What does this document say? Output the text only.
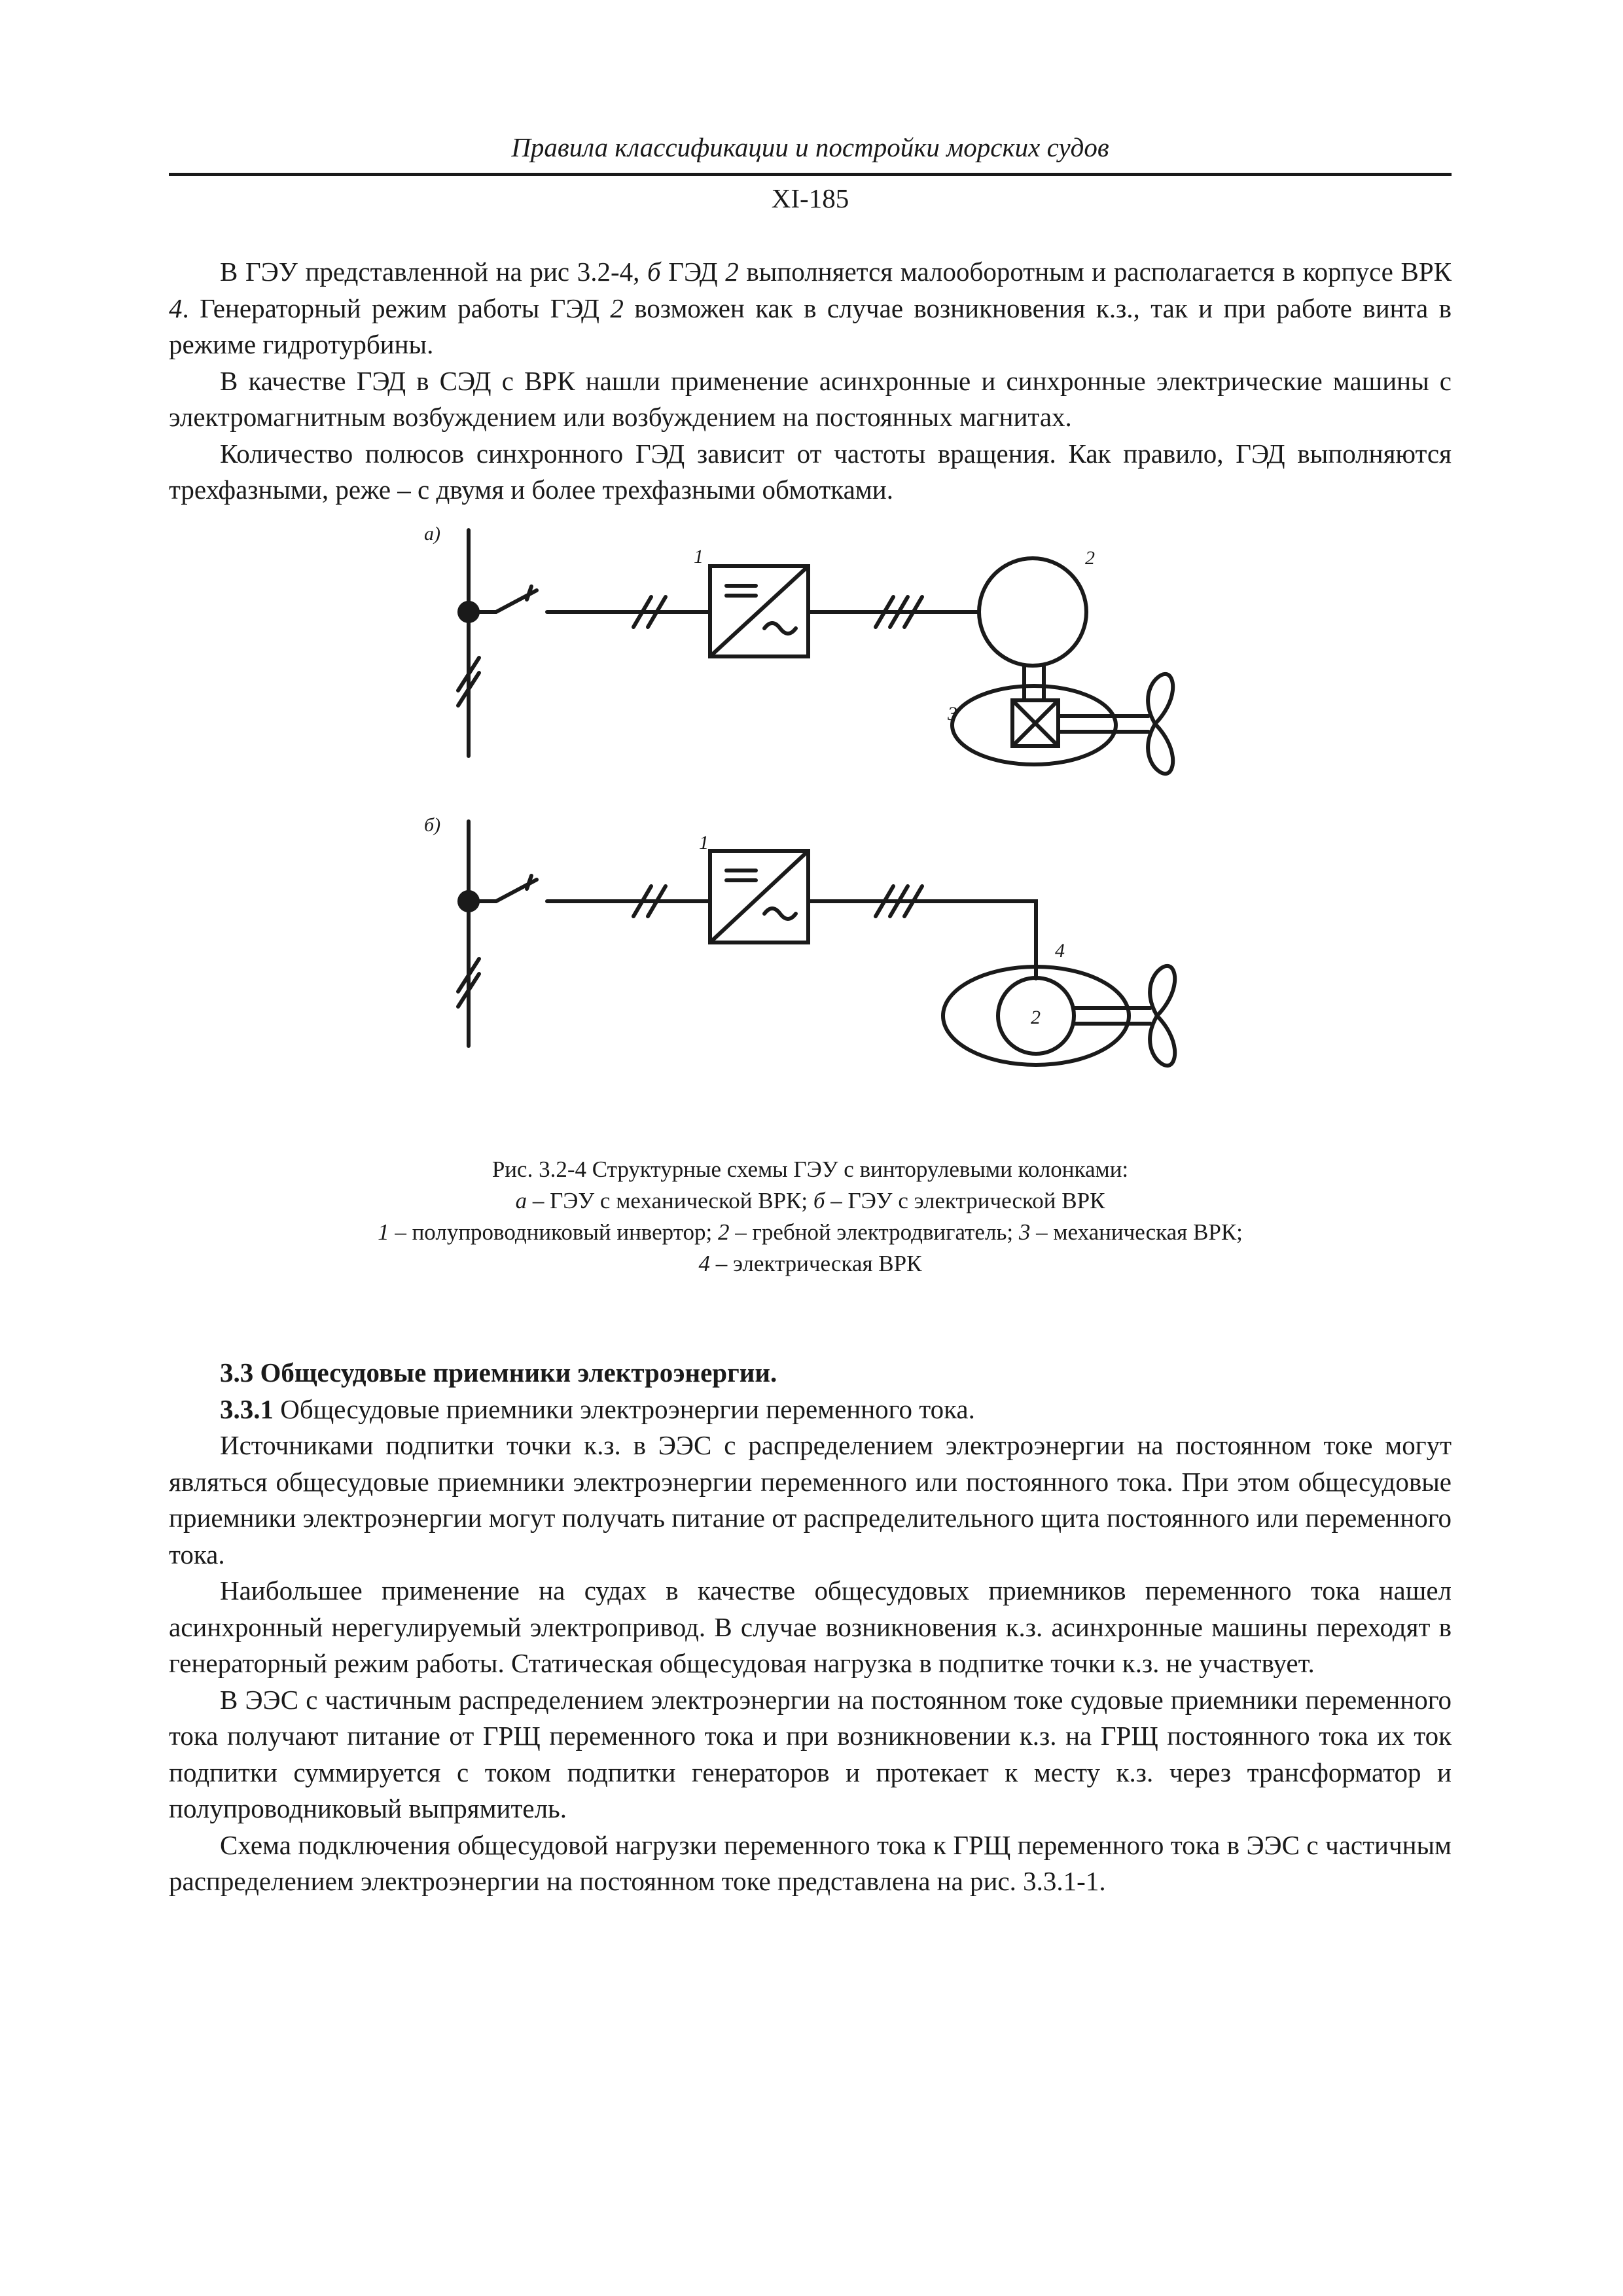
Правила классификации и постройки морских судов
XI-185

В ГЭУ представленной на рис 3.2-4, б ГЭД 2 выполняется малооборотным и располагается в корпусе ВРК 4. Генераторный режим работы ГЭД 2 возможен как в случае возникновения к.з., так и при работе винта в режиме гидротурбины.

В качестве ГЭД в СЭД с ВРК нашли применение асинхронные и синхронные электрические машины с электромагнитным возбуждением или возбуждением на постоянных магнитах.

Количество полюсов синхронного ГЭД зависит от частоты вращения. Как правило, ГЭД выполняются трехфазными, реже – с двумя и более трехфазными обмотками.

а)
1	2
3
б)
1
4
2
Рис. 3.2-4 Структурные схемы ГЭУ с винторулевыми колонками:
а – ГЭУ с механической ВРК; б – ГЭУ с электрической ВРК
1 – полупроводниковый инвертор; 2 – гребной электродвигатель; 3 – механическая ВРК;
4 – электрическая ВРК

3.3 Общесудовые приемники электроэнергии.

3.3.1 Общесудовые приемники электроэнергии переменного тока.

Источниками подпитки точки к.з. в ЭЭС с распределением электроэнергии на постоянном токе могут являться общесудовые приемники электроэнергии переменного или постоянного тока. При этом общесудовые приемники электроэнергии могут получать питание от распределительного щита постоянного или переменного тока.

Наибольшее применение на судах в качестве общесудовых приемников переменного тока нашел асинхронный нерегулируемый электропривод. В случае возникновения к.з. асинхронные машины переходят в генераторный режим работы. Статическая общесудовая нагрузка в подпитке точки к.з. не участвует.

В ЭЭС с частичным распределением электроэнергии на постоянном токе судовые приемники переменного тока получают питание от ГРЩ переменного тока и при возникновении к.з. на ГРЩ постоянного тока их ток подпитки суммируется с током подпитки генераторов и протекает к месту к.з. через трансформатор и полупроводниковый выпрямитель.

Схема подключения общесудовой нагрузки переменного тока к ГРЩ переменного тока в ЭЭС с частичным распределением электроэнергии на постоянном токе представлена на рис. 3.3.1-1.
